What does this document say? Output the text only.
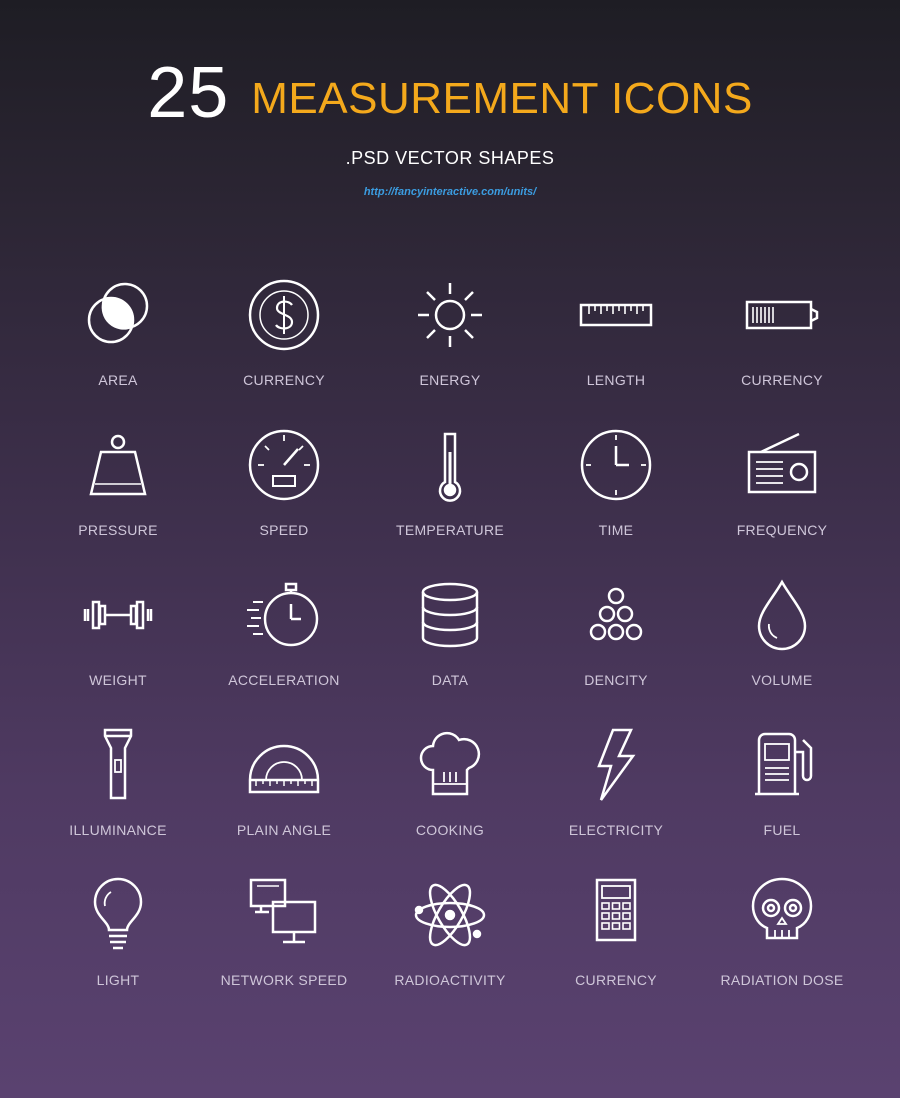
25 MEASUREMENT ICONS
.PSD VECTOR SHAPES
http://fancyinteractive.com/units/
AREA	CURRENCY	ENERGY	LENGTH	CURRENCY
PRESSURE	SPEED	TEMPERATURE	TIME	FREQUENCY
WEIGHT	ACCELERATION	DATA	DENCITY	VOLUME
ILLUMINANCE	PLAIN ANGLE	COOKING	ELECTRICITY	FUEL
LIGHT	NETWORK SPEED	RADIOACTIVITY	CURRENCY	RADIATION DOSE
